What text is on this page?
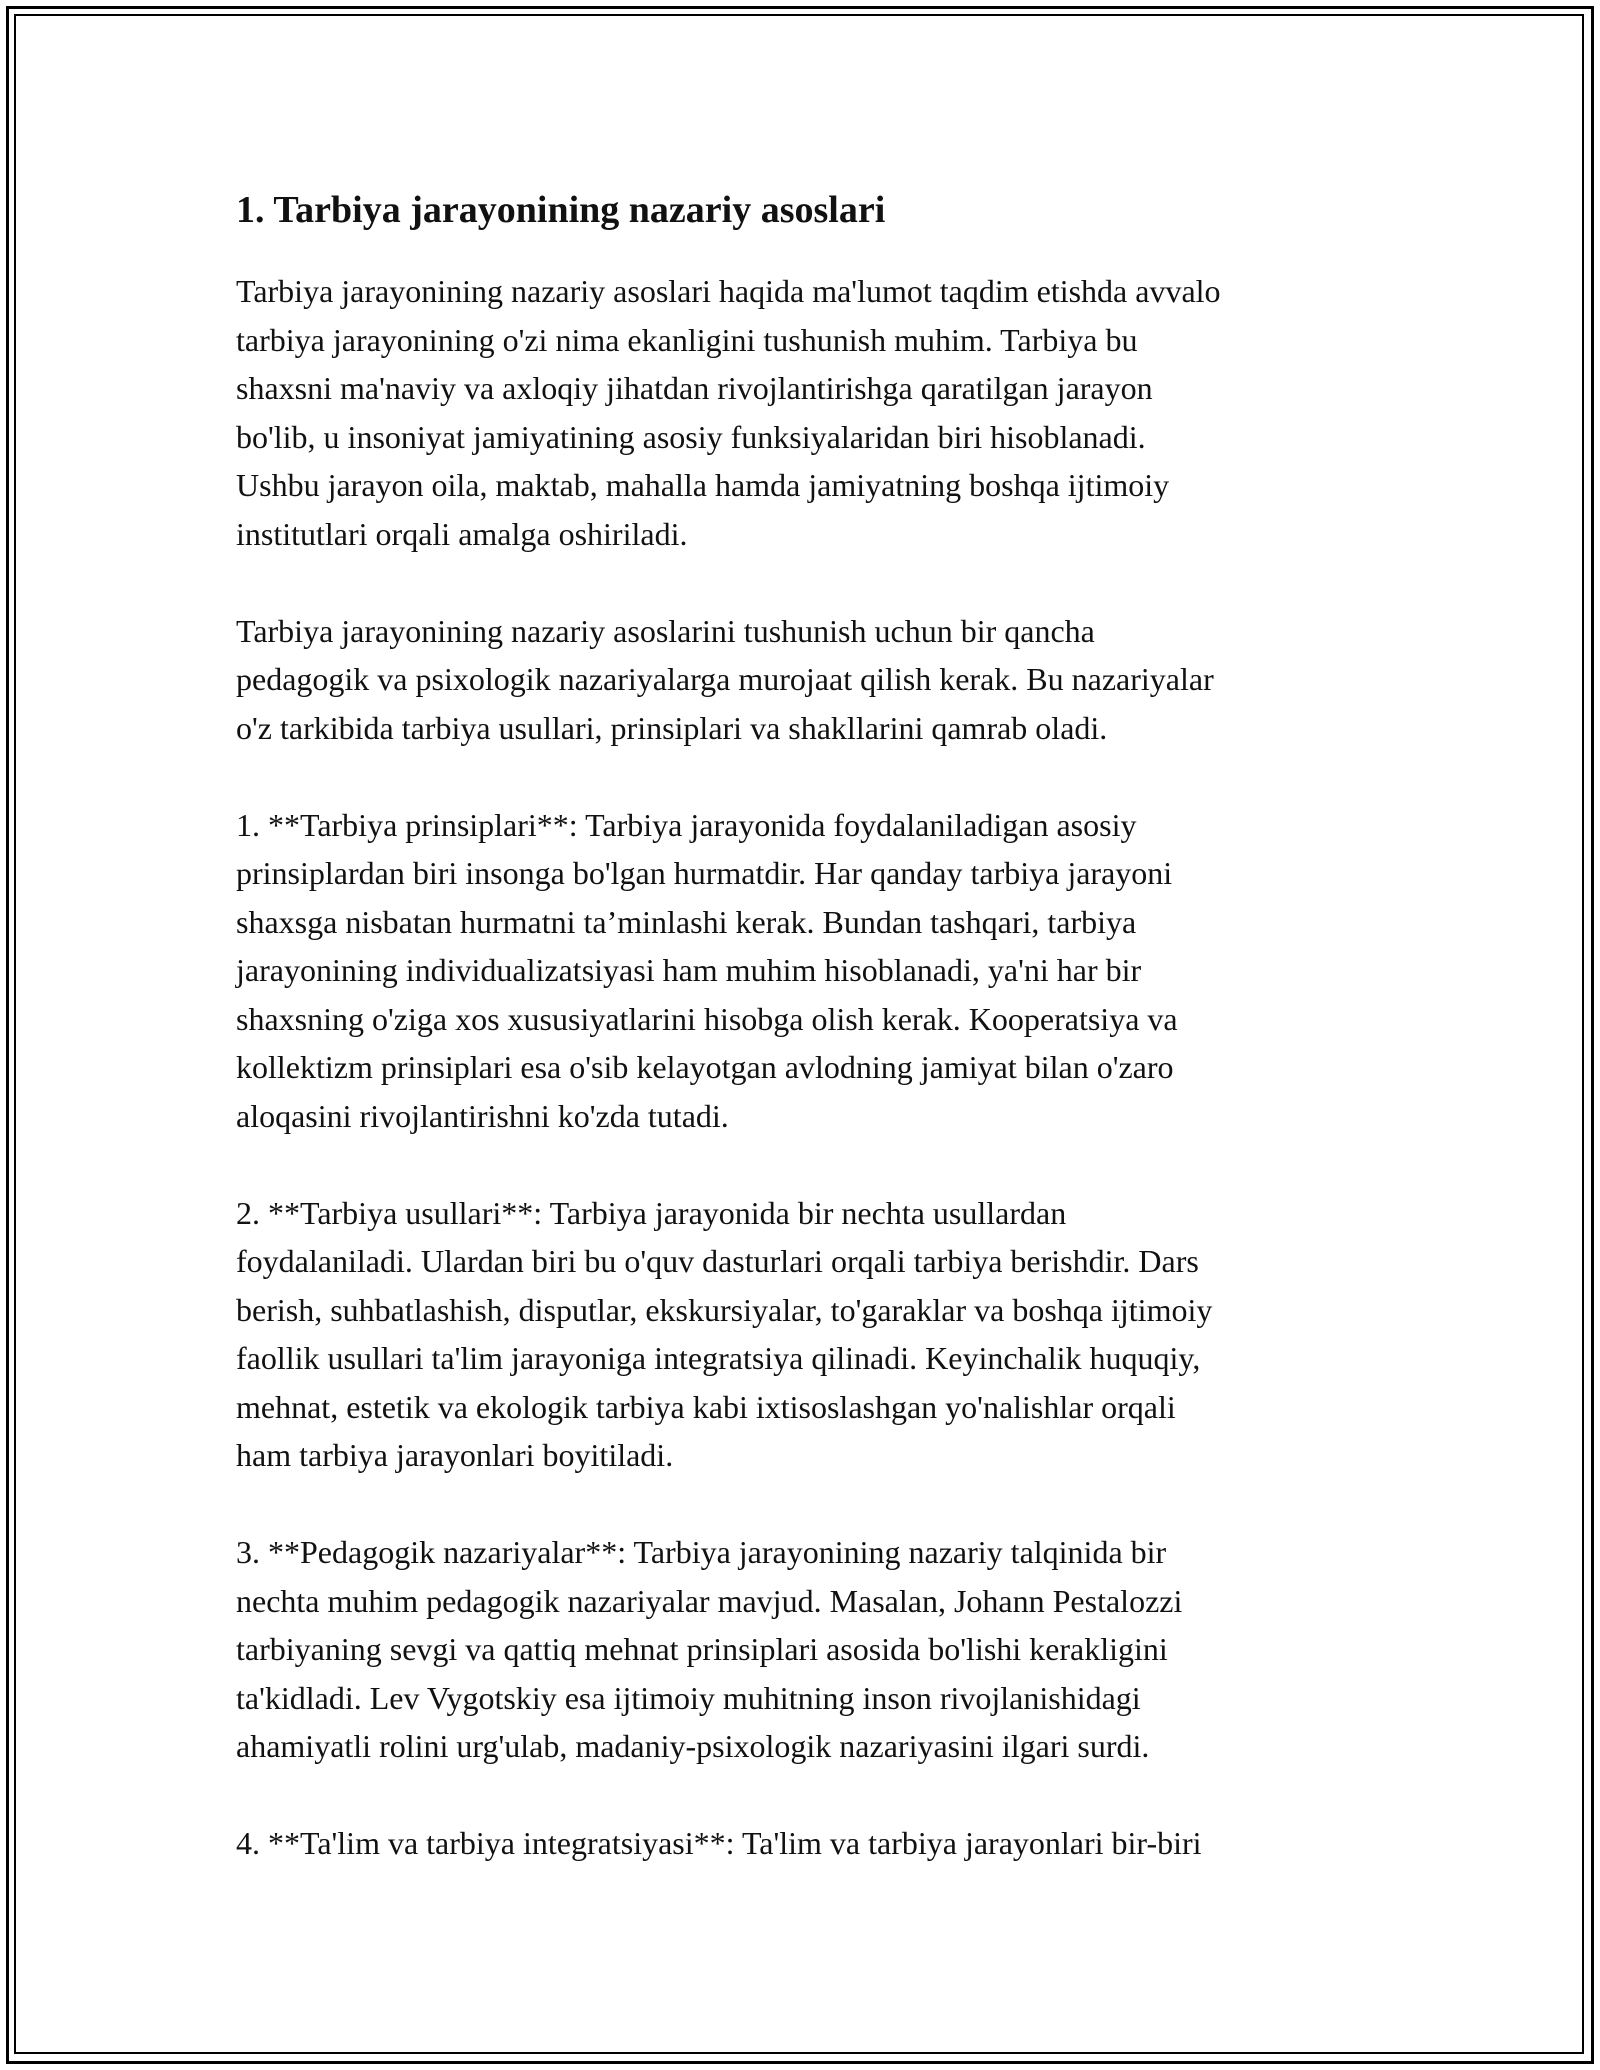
1. Tarbiya jarayonining nazariy asoslari

Tarbiya jarayonining nazariy asoslari haqida ma'lumot taqdim etishda avvalo
tarbiya jarayonining o'zi nima ekanligini tushunish muhim. Tarbiya bu
shaxsni ma'naviy va axloqiy jihatdan rivojlantirishga qaratilgan jarayon
bo'lib, u insoniyat jamiyatining asosiy funksiyalaridan biri hisoblanadi.
Ushbu jarayon oila, maktab, mahalla hamda jamiyatning boshqa ijtimoiy
institutlari orqali amalga oshiriladi.

Tarbiya jarayonining nazariy asoslarini tushunish uchun bir qancha
pedagogik va psixologik nazariyalarga murojaat qilish kerak. Bu nazariyalar
o'z tarkibida tarbiya usullari, prinsiplari va shakllarini qamrab oladi.

1. **Tarbiya prinsiplari**: Tarbiya jarayonida foydalaniladigan asosiy
prinsiplardan biri insonga bo'lgan hurmatdir. Har qanday tarbiya jarayoni
shaxsga nisbatan hurmatni ta’minlashi kerak. Bundan tashqari, tarbiya
jarayonining individualizatsiyasi ham muhim hisoblanadi, ya'ni har bir
shaxsning o'ziga xos xususiyatlarini hisobga olish kerak. Kooperatsiya va
kollektizm prinsiplari esa o'sib kelayotgan avlodning jamiyat bilan o'zaro
aloqasini rivojlantirishni ko'zda tutadi.

2. **Tarbiya usullari**: Tarbiya jarayonida bir nechta usullardan
foydalaniladi. Ulardan biri bu o'quv dasturlari orqali tarbiya berishdir. Dars
berish, suhbatlashish, disputlar, ekskursiyalar, to'garaklar va boshqa ijtimoiy
faollik usullari ta'lim jarayoniga integratsiya qilinadi. Keyinchalik huquqiy,
mehnat, estetik va ekologik tarbiya kabi ixtisoslashgan yo'nalishlar orqali
ham tarbiya jarayonlari boyitiladi.

3. **Pedagogik nazariyalar**: Tarbiya jarayonining nazariy talqinida bir
nechta muhim pedagogik nazariyalar mavjud. Masalan, Johann Pestalozzi
tarbiyaning sevgi va qattiq mehnat prinsiplari asosida bo'lishi kerakligini
ta'kidladi. Lev Vygotskiy esa ijtimoiy muhitning inson rivojlanishidagi
ahamiyatli rolini urg'ulab, madaniy-psixologik nazariyasini ilgari surdi.

4. **Ta'lim va tarbiya integratsiyasi**: Ta'lim va tarbiya jarayonlari bir-biri
